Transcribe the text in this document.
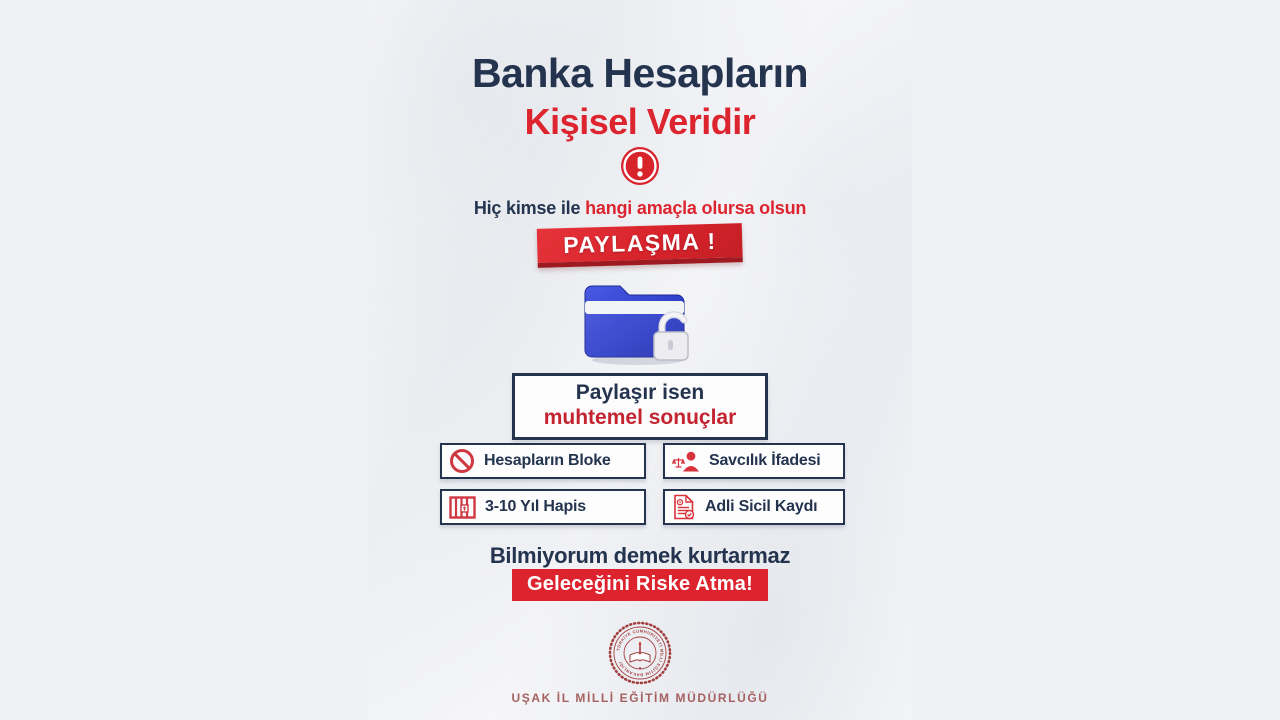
Banka Hesapların
Kişisel Veridir
Hiç kimse ile hangi amaçla olursa olsun
PAYLAŞMA !
Paylaşır isen
muhtemel sonuçlar
Hesapların Bloke	Savcılık İfadesi
3-10 Yıl Hapis	Adli Sicil Kaydı
Bilmiyorum demek kurtarmaz
Geleceğini Riske Atma!
TÜRKİYE CUMHURİYETİ MİLLİ EĞİTİM BAKANLIĞI
UŞAK İL MİLLİ EĞİTİM MÜDÜRLÜĞÜ
